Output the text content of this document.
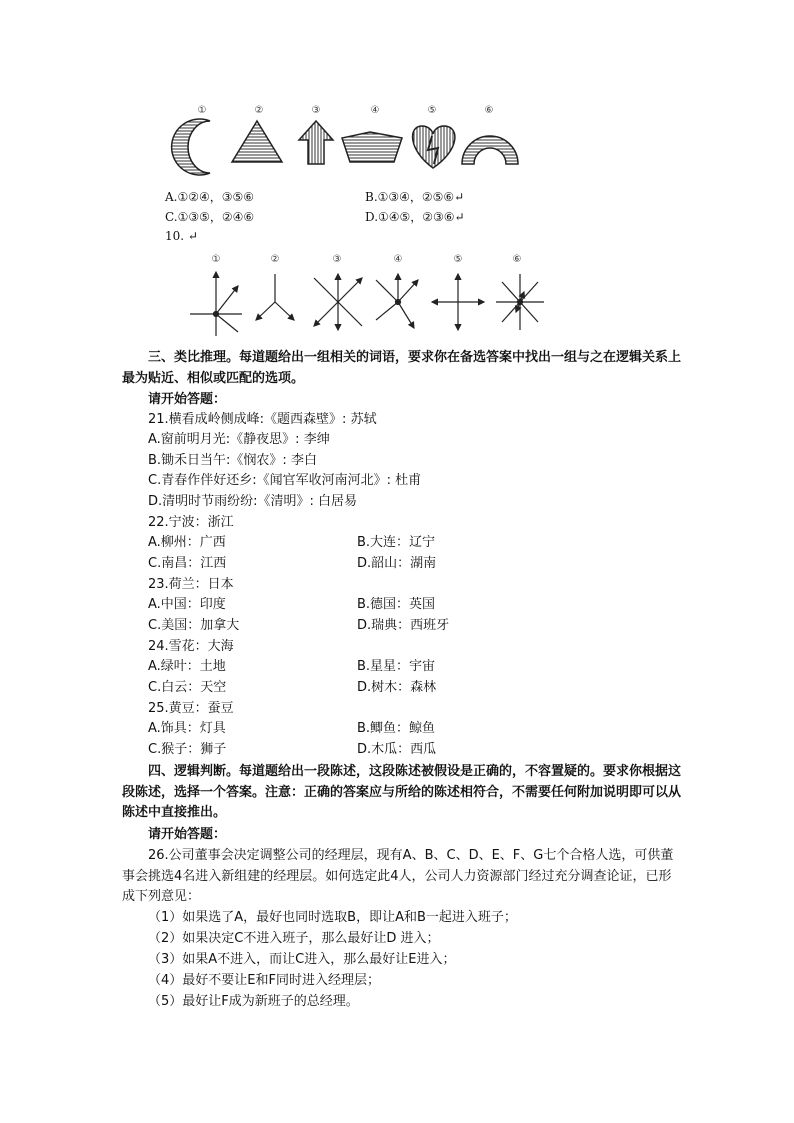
①	②	③	④	⑤	⑥
A.①②④，③⑤⑥	B.①③④，②⑤⑥↵
C.①③⑤，②④⑥	D.①④⑤，②③⑥↵
10. ↵
①	②	③	④	⑤	⑥
三、类比推理。每道题给出一组相关的词语，要求你在备选答案中找出一组与之在逻辑关系上最为贴近、相似或匹配的选项。
请开始答题：
21.横看成岭侧成峰:《题西森壁》: 苏轼
A.窗前明月光:《静夜思》: 李绅
B.锄禾日当午:《悯农》: 李白
C.青春作伴好还乡:《闻官军收河南河北》: 杜甫
D.清明时节雨纷纷:《清明》: 白居易
22.宁波：浙江
A.柳州：广西	B.大连：辽宁
C.南昌：江西	D.韶山：湖南
23.荷兰：日本
A.中国：印度	B.德国：英国
C.美国：加拿大	D.瑞典：西班牙
24.雪花：大海
A.绿叶：土地	B.星星：宇宙
C.白云：天空	D.树木：森林
25.黄豆：蚕豆
A.饰具：灯具	B.鲫鱼：鲸鱼
C.猴子：狮子	D.木瓜：西瓜
四、逻辑判断。每道题给出一段陈述，这段陈述被假设是正确的，不容置疑的。要求你根据这段陈述，选择一个答案。注意：正确的答案应与所给的陈述相符合，不需要任何附加说明即可以从陈述中直接推出。
请开始答题：
26.公司董事会决定调整公司的经理层，现有A、B、C、D、E、F、G七个合格人选，可供董事会挑选4名进入新组建的经理层。如何选定此4人，公司人力资源部门经过充分调查论证，已形成下列意见：
（1）如果选了A，最好也同时选取B，即让A和B一起进入班子；
（2）如果决定C不进入班子，那么最好让D 进入；
（3）如果A不进入，而让C进入，那么最好让E进入；
（4）最好不要让E和F同时进入经理层；
（5）最好让F成为新班子的总经理。
